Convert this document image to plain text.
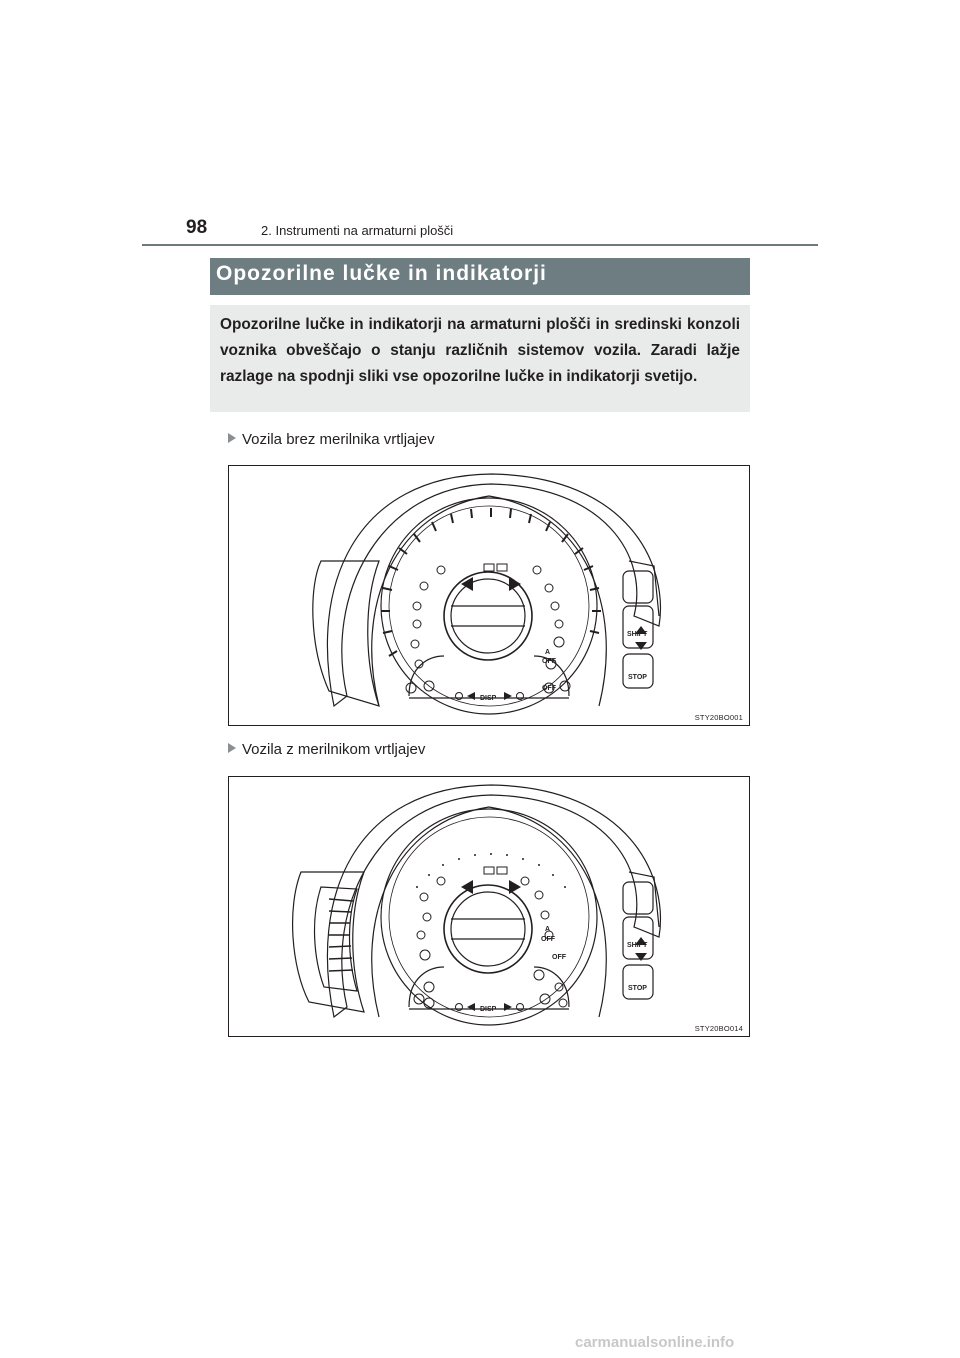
98	2. Instrumenti na armaturni plošči
Opozorilne lučke in indikatorji
Opozorilne lučke in indikatorji na armaturni plošči in sredinski konzoli voznika obveščajo o stanju različnih sistemov vozila. Zaradi lažje razlage na spodnji sliki vse opozorilne lučke in indikatorji svetijo.
Vozila brez merilnika vrtljajev
DISP
SHIFT
STOP
OFF
OFF
A
STY20BO001
Vozila z merilnikom vrtljajev
DISP
SHIFT
STOP
OFF
OFF
A
STY20BO014
carmanualsonline.info
